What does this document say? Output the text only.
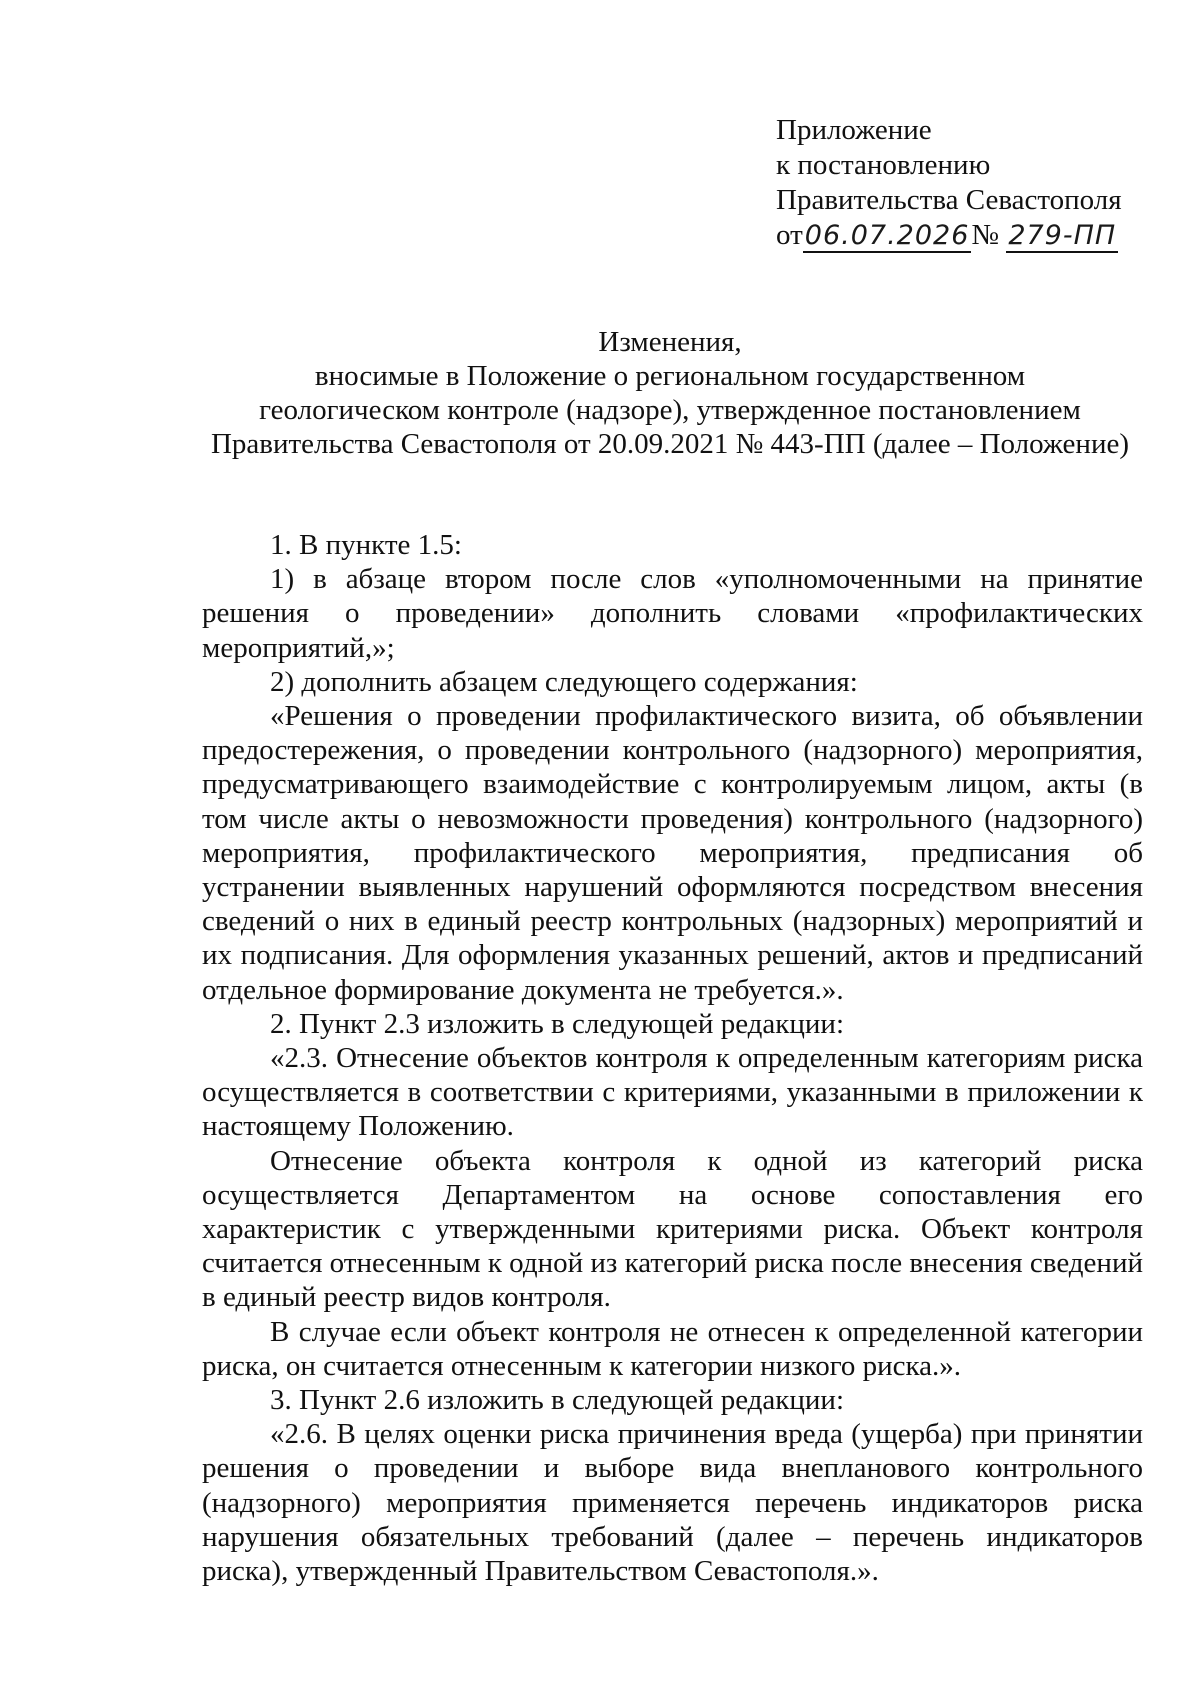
Приложение
к постановлению
Правительства Севастополя
от06.07.2026№ 279-ПП
Изменения,
вносимые в Положение о региональном государственном
геологическом контроле (надзоре), утвержденное постановлением
Правительства Севастополя от 20.09.2021 № 443-ПП (далее – Положение)

1. В пункте 1.5:

1) в абзаце втором после слов «уполномоченными на принятие решения о проведении» дополнить словами «профилактических мероприятий,»;

2) дополнить абзацем следующего содержания:

«Решения о проведении профилактического визита, об объявлении предостережения, о проведении контрольного (надзорного) мероприятия, предусматривающего взаимодействие с контролируемым лицом, акты (в том числе акты о невозможности проведения) контрольного (надзорного) мероприятия, профилактического мероприятия, предписания об устранении выявленных нарушений оформляются посредством внесения сведений о них в единый реестр контрольных (надзорных) мероприятий и их подписания. Для оформления указанных решений, актов и предписаний отдельное формирование документа не требуется.».

2. Пункт 2.3 изложить в следующей редакции:

«2.3. Отнесение объектов контроля к определенным категориям риска осуществляется в соответствии с критериями, указанными в приложении к настоящему Положению.

Отнесение объекта контроля к одной из категорий риска осуществляется Департаментом на основе сопоставления его характеристик с утвержденными критериями риска. Объект контроля считается отнесенным к одной из категорий риска после внесения сведений в единый реестр видов контроля.

В случае если объект контроля не отнесен к определенной категории риска, он считается отнесенным к категории низкого риска.».

3. Пункт 2.6 изложить в следующей редакции:

«2.6. В целях оценки риска причинения вреда (ущерба) при принятии решения о проведении и выборе вида внепланового контрольного (надзорного) мероприятия применяется перечень индикаторов риска нарушения обязательных требований (далее – перечень индикаторов риска), утвержденный Правительством Севастополя.».
